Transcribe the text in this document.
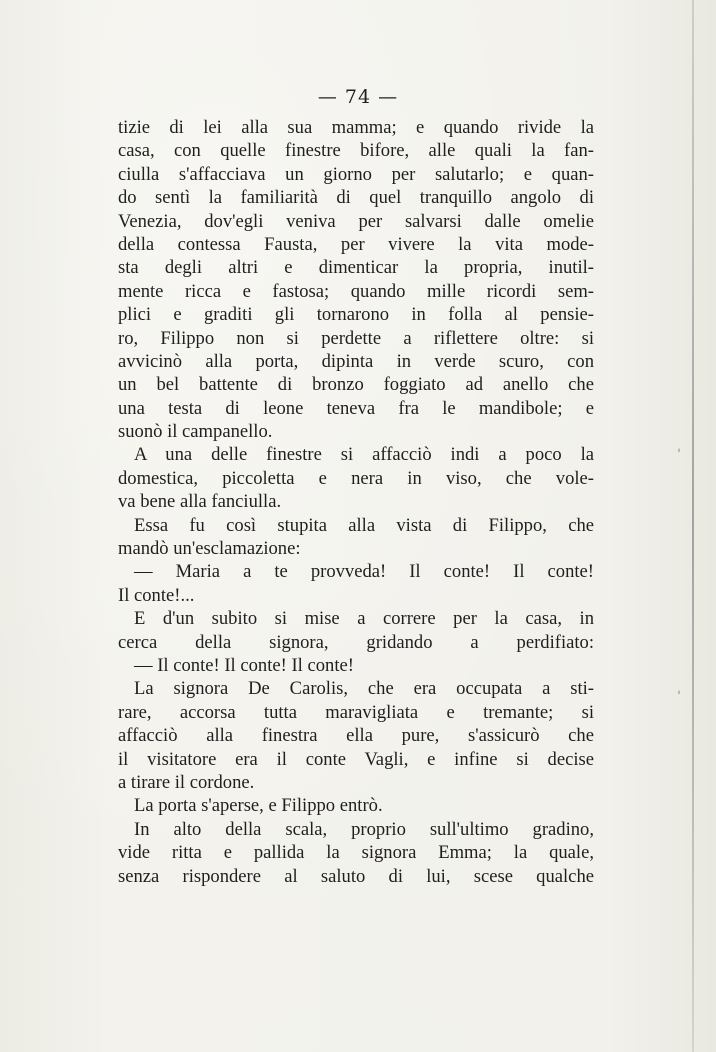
— 74 —
tizie di lei alla sua mamma; e quando rivide la
casa, con quelle finestre bifore, alle quali la fan-
ciulla s'affacciava un giorno per salutarlo; e quan-
do sentì la familiarità di quel tranquillo angolo di
Venezia, dov'egli veniva per salvarsi dalle omelie
della contessa Fausta, per vivere la vita mode-
sta degli altri e dimenticar la propria, inutil-
mente ricca e fastosa; quando mille ricordi sem-
plici e graditi gli tornarono in folla al pensie-
ro, Filippo non si perdette a riflettere oltre: si
avvicinò alla porta, dipinta in verde scuro, con
un bel battente di bronzo foggiato ad anello che
una testa di leone teneva fra le mandibole; e
suonò il campanello.
A una delle finestre si affacciò indi a poco la
domestica, piccoletta e nera in viso, che vole-
va bene alla fanciulla.
Essa fu così stupita alla vista di Filippo, che
mandò un'esclamazione:
— Maria a te provveda! Il conte! Il conte!
Il conte!...
E d'un subito si mise a correre per la casa, in
cerca della signora, gridando a perdifiato:
— Il conte! Il conte! Il conte!
La signora De Carolis, che era occupata a sti-
rare, accorsa tutta maravigliata e tremante; si
affacciò alla finestra ella pure, s'assicurò che
il visitatore era il conte Vagli, e infine si decise
a tirare il cordone.
La porta s'aperse, e Filippo entrò.
In alto della scala, proprio sull'ultimo gradino,
vide ritta e pallida la signora Emma; la quale,
senza rispondere al saluto di lui, scese qualche
